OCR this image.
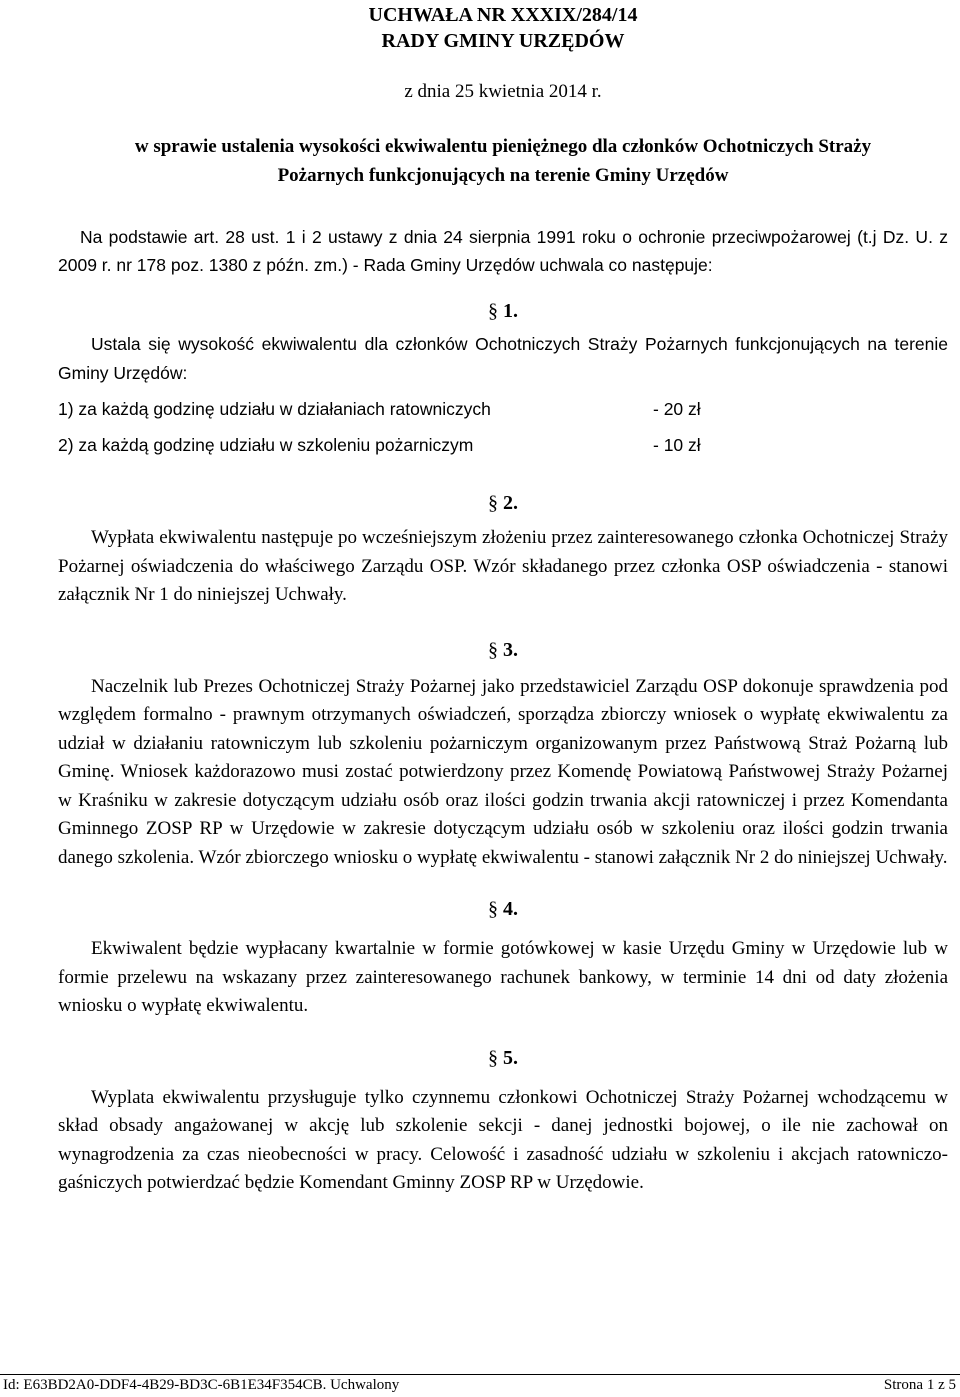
UCHWAŁA NR XXXIX/284/14
RADY GMINY URZĘDÓW
z dnia 25 kwietnia 2014 r.
w sprawie ustalenia wysokości ekwiwalentu pieniężnego dla członków Ochotniczych Straży
Pożarnych funkcjonujących na terenie Gminy Urzędów
Na podstawie art. 28 ust. 1 i 2 ustawy z dnia 24 sierpnia 1991 roku o ochronie przeciwpożarowej (t.j Dz. U. z 2009 r. nr 178 poz. 1380 z późn. zm.) - Rada Gminy Urzędów uchwala co następuje:
§ 1.
Ustala się wysokość ekwiwalentu dla członków Ochotniczych Straży Pożarnych funkcjonujących na terenie Gminy Urzędów:
1) za każdą godzinę udziału w działaniach ratowniczych	- 20 zł
2) za każdą godzinę udziału w szkoleniu pożarniczym	- 10 zł
§ 2.
Wypłata ekwiwalentu następuje po wcześniejszym złożeniu przez zainteresowanego członka Ochotniczej Straży Pożarnej oświadczenia do właściwego Zarządu OSP. Wzór składanego przez członka OSP oświadczenia - stanowi załącznik Nr 1 do niniejszej Uchwały.
§ 3.
Naczelnik lub Prezes Ochotniczej Straży Pożarnej jako przedstawiciel Zarządu OSP dokonuje sprawdzenia pod względem formalno - prawnym otrzymanych oświadczeń, sporządza zbiorczy wniosek o wypłatę ekwiwalentu za udział w działaniu ratowniczym lub szkoleniu pożarniczym organizowanym przez Państwową Straż Pożarną lub Gminę. Wniosek każdorazowo musi zostać potwierdzony przez Komendę Powiatową Państwowej Straży Pożarnej w Kraśniku w zakresie dotyczącym udziału osób oraz ilości godzin trwania akcji ratowniczej i przez Komendanta Gminnego ZOSP RP w Urzędowie w zakresie dotyczącym udziału osób w szkoleniu oraz ilości godzin trwania danego szkolenia. Wzór zbiorczego wniosku o wypłatę ekwiwalentu - stanowi załącznik Nr 2 do niniejszej Uchwały.
§ 4.
Ekwiwalent będzie wypłacany kwartalnie w formie gotówkowej w kasie Urzędu Gminy w Urzędowie lub w formie przelewu na wskazany przez zainteresowanego rachunek bankowy, w terminie 14 dni od daty złożenia wniosku o wypłatę ekwiwalentu.
§ 5.
Wyplata ekwiwalentu przysługuje tylko czynnemu członkowi Ochotniczej Straży Pożarnej wchodzącemu w skład obsady angażowanej w akcję lub szkolenie sekcji - danej jednostki bojowej, o ile nie zachował on wynagrodzenia za czas nieobecności w pracy. Celowość i zasadność udziału w szkoleniu i akcjach ratowniczo-gaśniczych potwierdzać będzie Komendant Gminny ZOSP RP w Urzędowie.
Id: E63BD2A0-DDF4-4B29-BD3C-6B1E34F354CB. Uchwalony	Strona 1 z 5
